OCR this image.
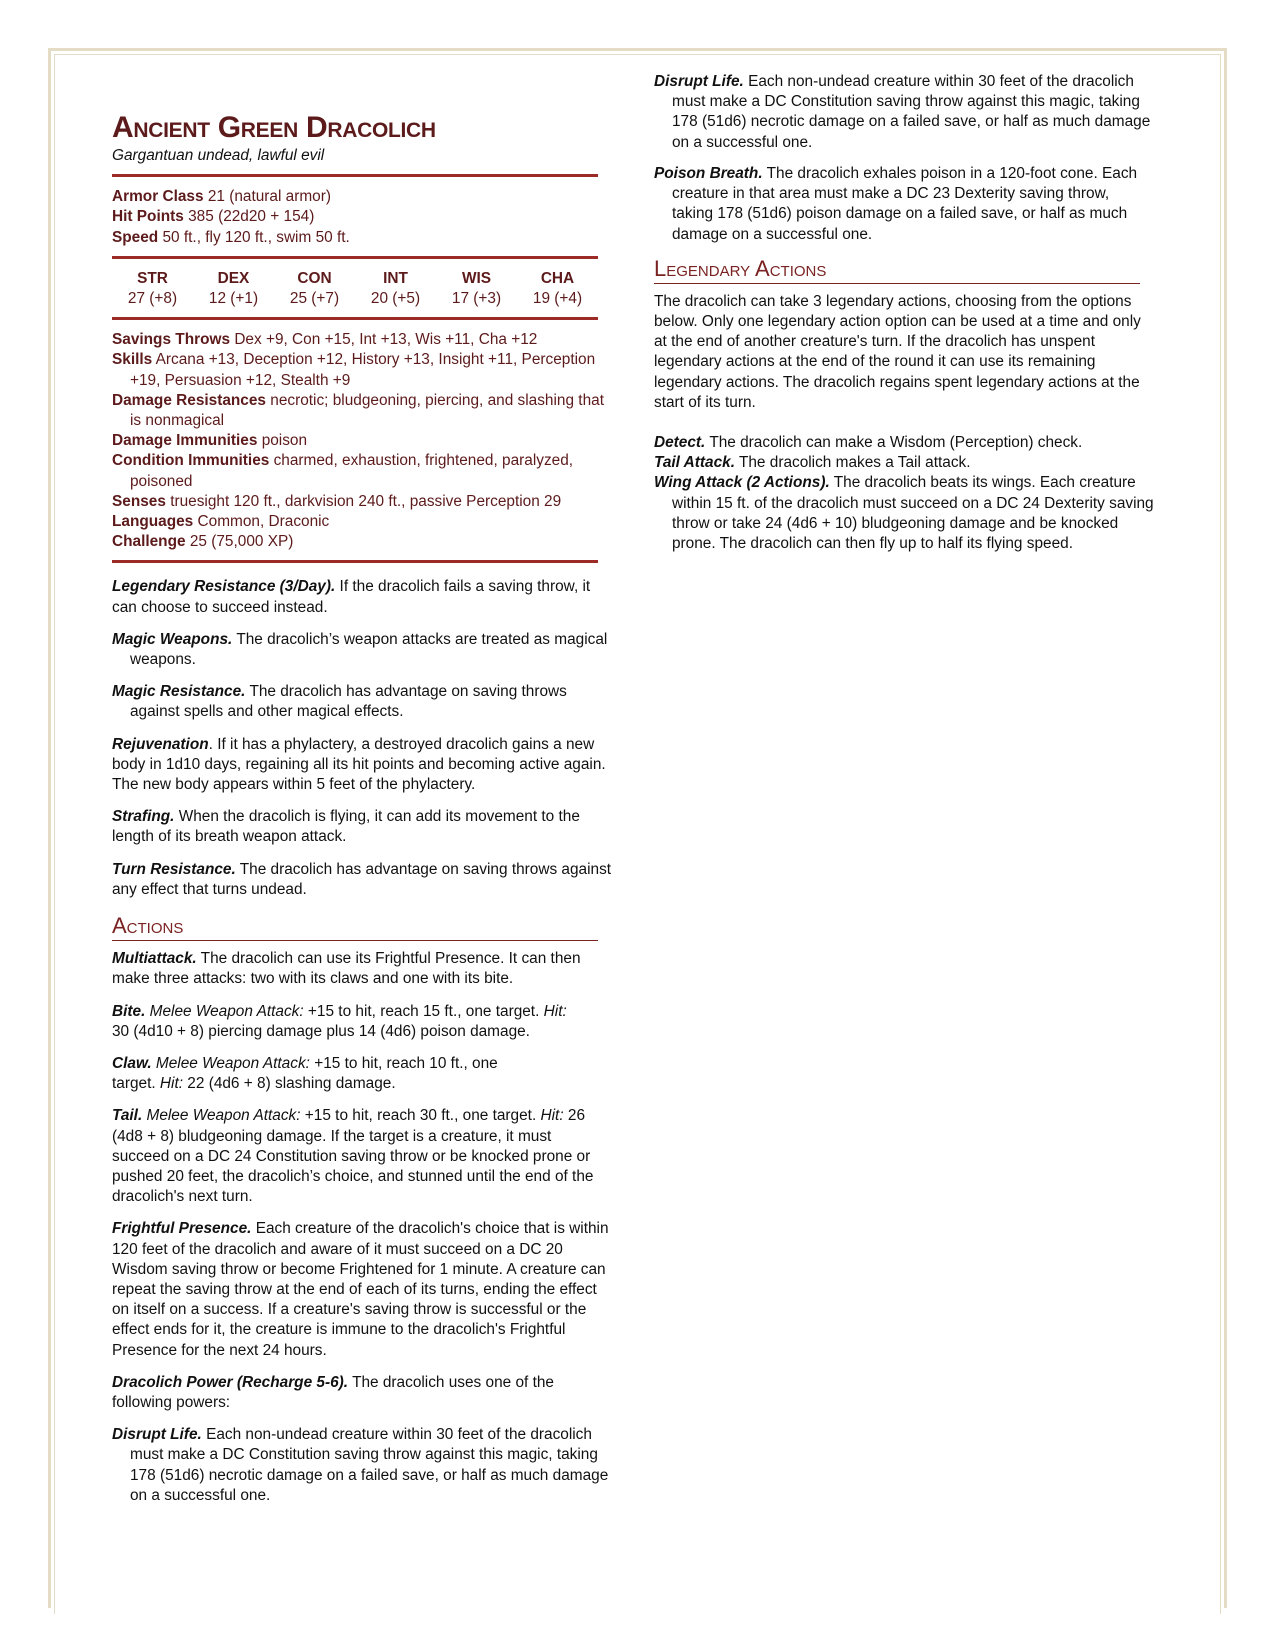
Ancient Green Dracolich
Gargantuan undead, lawful evil

Armor Class 21 (natural armor)

Hit Points 385 (22d20 + 154)

Speed 50 ft., fly 120 ft., swim 50 ft.

STR
27 (+8)
DEX
12 (+1)
CON
25 (+7)
INT
20 (+5)
WIS
17 (+3)
CHA
19 (+4)

Savings Throws Dex +9, Con +15, Int +13, Wis +11, Cha +12

Skills Arcana +13, Deception +12, History +13, Insight +11, Perception +19, Persuasion +12, Stealth +9

Damage Resistances necrotic; bludgeoning, piercing, and slashing that is nonmagical

Damage Immunities poison

Condition Immunities charmed, exhaustion, frightened, paralyzed, poisoned

Senses truesight 120 ft., darkvision 240 ft., passive Perception 29

Languages Common, Draconic

Challenge 25 (75,000 XP)

Legendary Resistance (3/Day). If the dracolich fails a saving throw, it can choose to succeed instead.

Magic Weapons. The dracolich’s weapon attacks are treated as magical weapons.

Magic Resistance. The dracolich has advantage on saving throws against spells and other magical effects.

Rejuvenation. If it has a phylactery, a destroyed dracolich gains a new body in 1d10 days, regaining all its hit points and becoming active again. The new body appears within 5 feet of the phylactery.

Strafing. When the dracolich is flying, it can add its movement to the length of its breath weapon attack.

Turn Resistance. The dracolich has advantage on saving throws against any effect that turns undead.

Actions

Multiattack. The dracolich can use its Frightful Presence. It can then make three attacks: two with its claws and one with its bite.

Bite. Melee Weapon Attack: +15 to hit, reach 15 ft., one target. Hit: 30 (4d10 + 8) piercing damage plus 14 (4d6) poison damage.

Claw. Melee Weapon Attack: +15 to hit, reach 10 ft., one target. Hit: 22 (4d6 + 8) slashing damage.

Tail. Melee Weapon Attack: +15 to hit, reach 30 ft., one target. Hit: 26 (4d8 + 8) bludgeoning damage. If the target is a creature, it must succeed on a DC 24 Constitution saving throw or be knocked prone or pushed 20 feet, the dracolich’s choice, and stunned until the end of the dracolich's next turn.

Frightful Presence. Each creature of the dracolich's choice that is within 120 feet of the dracolich and aware of it must succeed on a DC 20 Wisdom saving throw or become Frightened for 1 minute. A creature can repeat the saving throw at the end of each of its turns, ending the effect on itself on a success. If a creature's saving throw is successful or the effect ends for it, the creature is immune to the dracolich's Frightful Presence for the next 24 hours.

Dracolich Power (Recharge 5-6). The dracolich uses one of the following powers:

Disrupt Life. Each non-undead creature within 30 feet of the dracolich must make a DC Constitution saving throw against this magic, taking 178 (51d6) necrotic damage on a failed save, or half as much damage on a successful one.

Disrupt Life. Each non-undead creature within 30 feet of the dracolich must make a DC Constitution saving throw against this magic, taking 178 (51d6) necrotic damage on a failed save, or half as much damage on a successful one.

Poison Breath. The dracolich exhales poison in a 120-foot cone. Each creature in that area must make a DC 23 Dexterity saving throw, taking 178 (51d6) poison damage on a failed save, or half as much damage on a successful one.

Legendary Actions

The dracolich can take 3 legendary actions, choosing from the options below. Only one legendary action option can be used at a time and only at the end of another creature's turn. If the dracolich has unspent legendary actions at the end of the round it can use its remaining legendary actions. The dracolich regains spent legendary actions at the start of its turn.

Detect. The dracolich can make a Wisdom (Perception) check.

Tail Attack. The dracolich makes a Tail attack.

Wing Attack (2 Actions). The dracolich beats its wings. Each creature within 15 ft. of the dracolich must succeed on a DC 24 Dexterity saving throw or take 24 (4d6 + 10) bludgeoning damage and be knocked prone. The dracolich can then fly up to half its flying speed.
